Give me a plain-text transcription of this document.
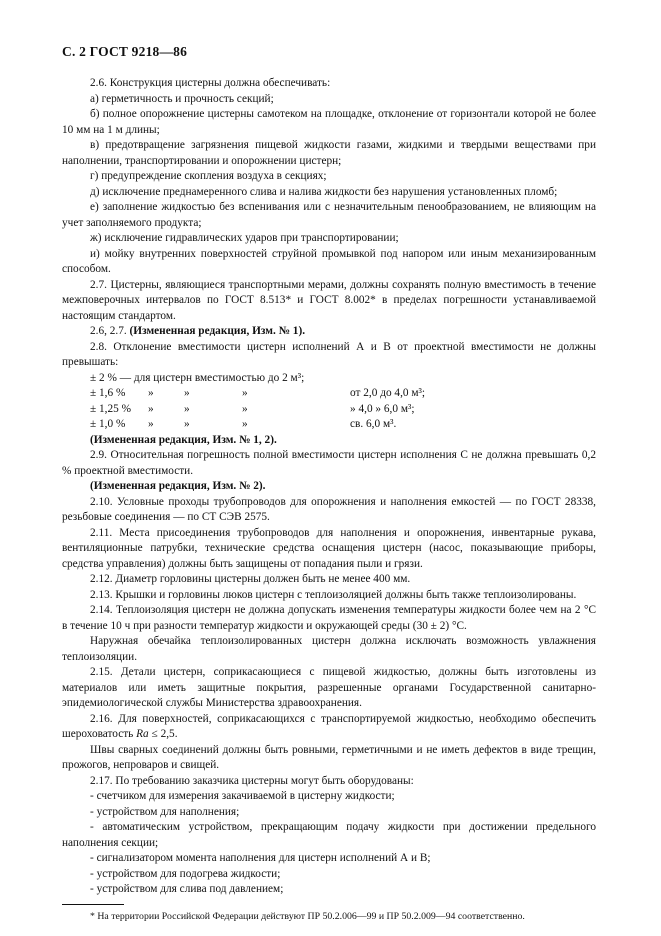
С. 2 ГОСТ 9218—86

2.6. Конструкция цистерны должна обеспечивать:

а) герметичность и прочность секций;

б) полное опорожнение цистерны самотеком на площадке, отклонение от горизонтали которой не более 10 мм на 1 м длины;

в) предотвращение загрязнения пищевой жидкости газами, жидкими и твердыми веществами при наполнении, транспортировании и опорожнении цистерн;

г) предупреждение скопления воздуха в секциях;

д) исключение преднамеренного слива и налива жидкости без нарушения установленных пломб;

е) заполнение жидкостью без вспенивания или с незначительным пенообразованием, не влияющим на учет заполняемого продукта;

ж) исключение гидравлических ударов при транспортировании;

и) мойку внутренних поверхностей струйной промывкой под напором или иным механизированным способом.

2.7. Цистерны, являющиеся транспортными мерами, должны сохранять полную вместимость в течение межповерочных интервалов по ГОСТ 8.513* и ГОСТ 8.002* в пределах погрешности устанавливаемой настоящим стандартом.

2.6, 2.7. (Измененная редакция, Изм. № 1).

2.8. Отклонение вместимости цистерн исполнений А и В от проектной вместимости не должны превышать:

± 2 % — для цистерн вместимостью до 2 м³;

± 1,6 %	»	»	»	от 2,0 до 4,0 м³;
± 1,25 %	»	»	»	» 4,0 » 6,0 м³;
± 1,0 %	»	»	»	св. 6,0 м³.

(Измененная редакция, Изм. № 1, 2).

2.9. Относительная погрешность полной вместимости цистерн исполнения С не должна превышать 0,2 % проектной вместимости.

(Измененная редакция, Изм. № 2).

2.10. Условные проходы трубопроводов для опорожнения и наполнения емкостей — по ГОСТ 28338, резьбовые соединения — по СТ СЭВ 2575.

2.11. Места присоединения трубопроводов для наполнения и опорожнения, инвентарные рукава, вентиляционные патрубки, технические средства оснащения цистерн (насос, показывающие приборы, средства управления) должны быть защищены от попадания пыли и грязи.

2.12. Диаметр горловины цистерны должен быть не менее 400 мм.

2.13. Крышки и горловины люков цистерн с теплоизоляцией должны быть также теплоизолированы.

2.14. Теплоизоляция цистерн не должна допускать изменения температуры жидкости более чем на 2 °С в течение 10 ч при разности температур жидкости и окружающей среды (30 ± 2) °С.

Наружная обечайка теплоизолированных цистерн должна исключать возможность увлажнения теплоизоляции.

2.15. Детали цистерн, соприкасающиеся с пищевой жидкостью, должны быть изготовлены из материалов или иметь защитные покрытия, разрешенные органами Государственной санитарно-эпидемиологической службы Министерства здравоохранения.

2.16. Для поверхностей, соприкасающихся с транспортируемой жидкостью, необходимо обеспечить шероховатость Ra ≤ 2,5.

Швы сварных соединений должны быть ровными, герметичными и не иметь дефектов в виде трещин, прожогов, непроваров и свищей.

2.17. По требованию заказчика цистерны могут быть оборудованы:

- счетчиком для измерения закачиваемой в цистерну жидкости;

- устройством для наполнения;

- автоматическим устройством, прекращающим подачу жидкости при достижении предельного наполнения секции;

- сигнализатором момента наполнения для цистерн исполнений А и В;

- устройством для подогрева жидкости;

- устройством для слива под давлением;

* На территории Российской Федерации действуют ПР 50.2.006—99 и ПР 50.2.009—94 соответственно.
